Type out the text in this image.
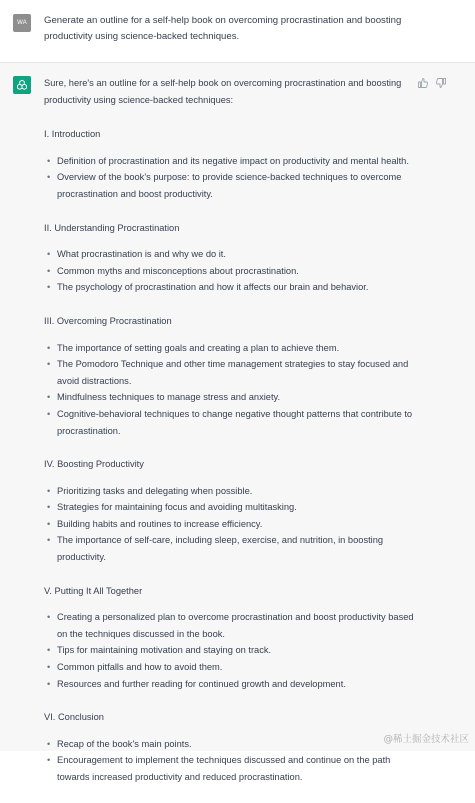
WA	Generate an outline for a self-help book on overcoming procrastination and boosting productivity using science-backed techniques.
Sure, here's an outline for a self-help book on overcoming procrastination and boosting productivity using science-backed techniques:
I. Introduction
• Definition of procrastination and its negative impact on productivity and mental health.
• Overview of the book's purpose: to provide science-backed techniques to overcome procrastination and boost productivity.
II. Understanding Procrastination
• What procrastination is and why we do it.
• Common myths and misconceptions about procrastination.
• The psychology of procrastination and how it affects our brain and behavior.
III. Overcoming Procrastination
• The importance of setting goals and creating a plan to achieve them.
• The Pomodoro Technique and other time management strategies to stay focused and avoid distractions.
• Mindfulness techniques to manage stress and anxiety.
• Cognitive-behavioral techniques to change negative thought patterns that contribute to procrastination.
IV. Boosting Productivity
• Prioritizing tasks and delegating when possible.
• Strategies for maintaining focus and avoiding multitasking.
• Building habits and routines to increase efficiency.
• The importance of self-care, including sleep, exercise, and nutrition, in boosting productivity.
V. Putting It All Together
• Creating a personalized plan to overcome procrastination and boost productivity based on the techniques discussed in the book.
• Tips for maintaining motivation and staying on track.
• Common pitfalls and how to avoid them.
• Resources and further reading for continued growth and development.
VI. Conclusion
• Recap of the book's main points.
• Encouragement to implement the techniques discussed and continue on the path towards increased productivity and reduced procrastination.
@稀土掘金技术社区
